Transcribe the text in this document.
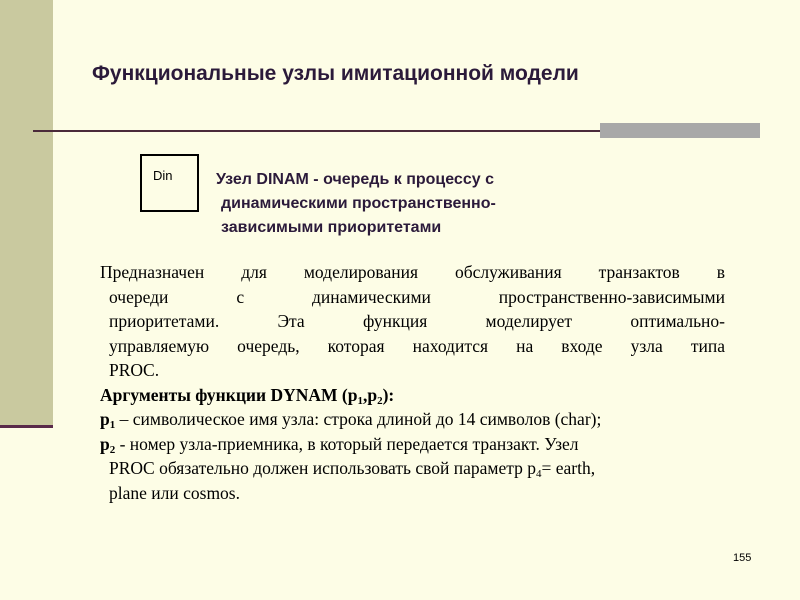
Функциональные узлы имитационной модели
Din	Узел DINAM - очередь к процессу с
динамическими пространственно-
зависимыми приоритетами
Предназначен для моделирования обслуживания транзактов в
очереди с динамическими пространственно-зависимыми
приоритетами. Эта функция моделирует оптимально-
управляемую очередь, которая находится на входе узла типа
PROC.
Аргументы функции DYNAM $(p_1,p_2)$:
$p_1$ – символическое имя узла: строка длиной до 14 символов (char);
$p_2$ - номер узла-приемника, в который передается транзакт. Узел
PROC обязательно должен использовать свой параметр $p_4=$ earth,
plane или cosmos.
155
